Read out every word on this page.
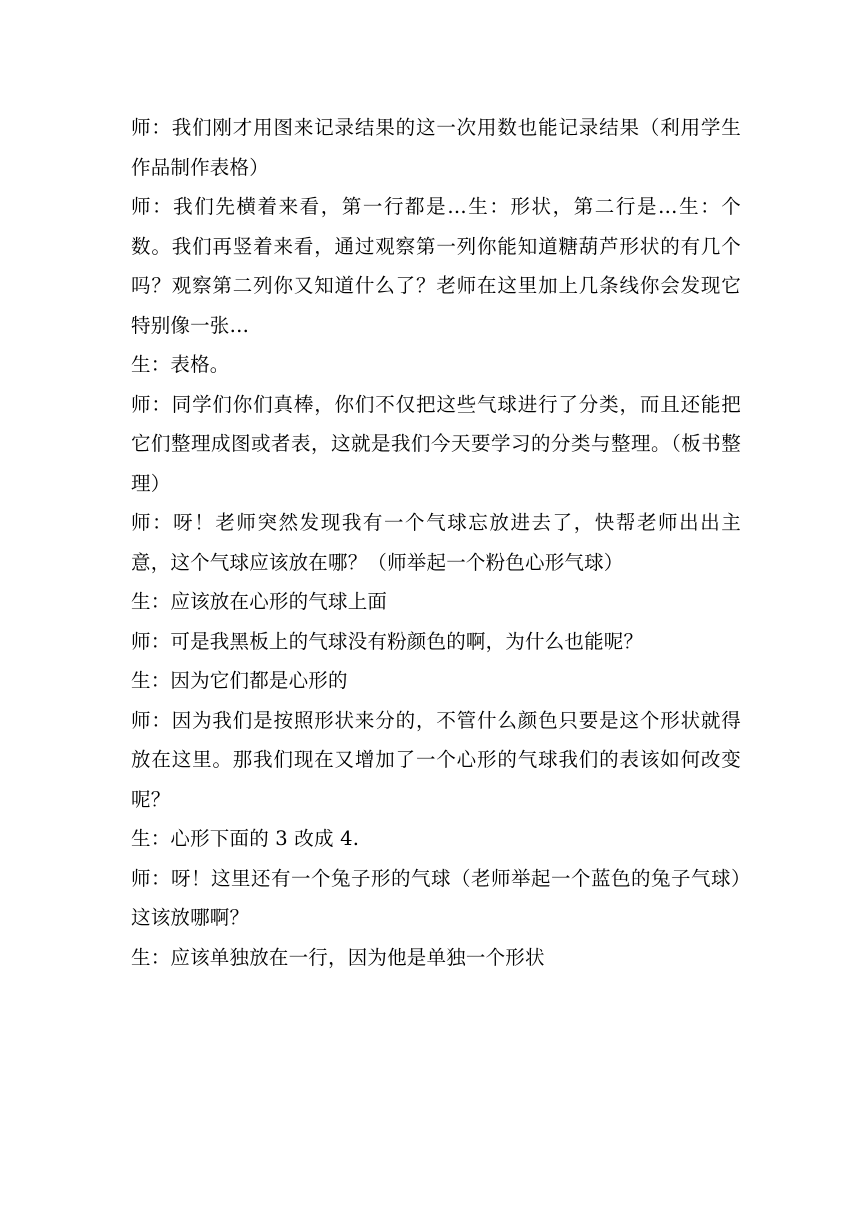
师：我们刚才用图来记录结果的这一次用数也能记录结果（利用学生作品制作表格）

师：我们先横着来看，第一行都是…生：形状，第二行是…生：个数。我们再竖着来看，通过观察第一列你能知道糖葫芦形状的有几个吗？观察第二列你又知道什么了？老师在这里加上几条线你会发现它特别像一张…

生：表格。

师：同学们你们真棒，你们不仅把这些气球进行了分类，而且还能把它们整理成图或者表，这就是我们今天要学习的分类与整理。（板书整理）

师：呀！老师突然发现我有一个气球忘放进去了，快帮老师出出主意，这个气球应该放在哪？（师举起一个粉色心形气球）

生：应该放在心形的气球上面

师：可是我黑板上的气球没有粉颜色的啊，为什么也能呢？

生：因为它们都是心形的

师：因为我们是按照形状来分的，不管什么颜色只要是这个形状就得放在这里。那我们现在又增加了一个心形的气球我们的表该如何改变呢？

生：心形下面的 3 改成 4.

师：呀！这里还有一个兔子形的气球（老师举起一个蓝色的兔子气球）这该放哪啊？

生：应该单独放在一行，因为他是单独一个形状
